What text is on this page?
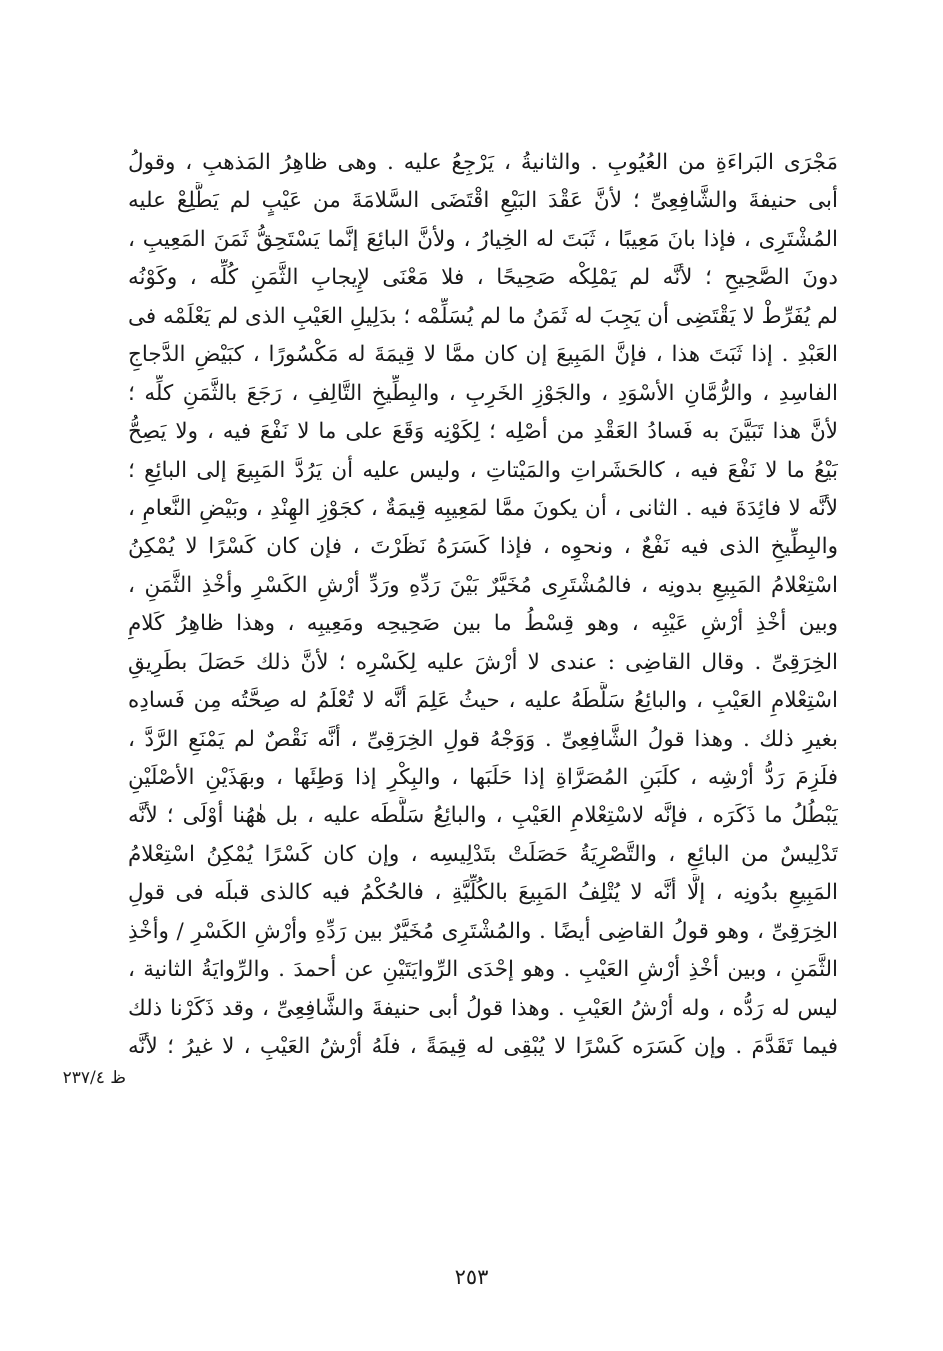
مَجْرَى البَراءَةِ من العُيُوبِ . والثانيةُ ، يَرْجِعُ عليه . وهى ظاهِرُ المَذهبِ ، وقولُ
أبى حنيفةَ والشَّافِعِىِّ ؛ لأنَّ عَقْدَ البَيْعِ اقْتَضَى السَّلامَةَ من عَيْبٍ لم يَطَّلِعْ عليه
المُشْتَرِى ، فإذا بانَ مَعِيبًا ، ثَبَتَ له الخِيارُ ، ولأنَّ البائِعَ إنَّما يَسْتَحِقُّ ثَمَنَ المَعِيبِ ،
دونَ الصَّحِيحِ ؛ لأنَّه لم يَمْلِكْه صَحِيحًا ، فلا مَعْنَى لإِيجابِ الثَّمَنِ كُلِّه ، وكَوْنُه
لم يُفَرِّطْ لا يَقْتَضِى أن يَجِبَ له ثَمَنُ ما لم يُسَلِّمْه ؛ بدَلِيلِ العَيْبِ الذى لم يَعْلَمْه فى
العَبْدِ . إذا ثَبَتَ هذا ، فإنَّ المَبِيعَ إن كان ممَّا لا قِيمَةَ له مَكْسُورًا ، كبَيْضِ الدَّجاجِ
الفاسِدِ ، والرُّمَّانِ الأسْوَدِ ، والجَوْزِ الخَرِبِ ، والبِطِّيخِ التَّالِفِ ، رَجَعَ بالثَّمَنِ كلِّه ؛
لأنَّ هذا تَبَيَّنَ به فَسادُ العَقْدِ من أصْلِه ؛ لِكَوْنِه وَقَعَ على ما لا نَفْعَ فيه ، ولا يَصِحُّ
بَيْعُ ما لا نَفْعَ فيه ، كالحَشَراتِ والمَيْتاتِ ، وليس عليه أن يَرُدَّ المَبِيعَ إلى البائِعِ ؛
لأنَّه لا فائِدَةَ فيه . الثانى ، أن يكونَ ممَّا لمَعِيبِه قِيمَةٌ ، كجَوْزِ الهِنْدِ ، وبَيْضِ النَّعامِ ،
والبِطِّيخِ الذى فيه نَفْعٌ ، ونحوِه ، فإذا كَسَرَهُ نَظَرْتَ ، فإن كان كَسْرًا لا يُمْكِنُ
اسْتِعْلامُ المَبِيعِ بدونِه ، فالمُشْتَرِى مُخَيَّرٌ بَيْنَ رَدِّهِ ورَدِّ أرْشِ الكَسْرِ وأخْذِ الثَّمَنِ ،
وبين أخْذِ أرْشِ عَيْبِه ، وهو قِسْطُ ما بين صَحِيحِه ومَعِيبِه ، وهذا ظاهِرُ كَلامِ
الخِرَقِىِّ . وقال القاضِى : عندى لا أرْشَ عليه لِكَسْرِه ؛ لأنَّ ذلك حَصَلَ بطَرِيقِ
اسْتِعْلامِ العَيْبِ ، والبائِعُ سَلَّطَهُ عليه ، حيثُ عَلِمَ أنَّه لا تُعْلَمُ له صِحَّتُه مِن فَسادِه
بغيرِ ذلك . وهذا قولُ الشَّافِعِىِّ . وَوَجْهُ قولِ الخِرَقِىِّ ، أنَّه نَقْصٌ لم يَمْنَعِ الرَّدَّ ،
فلَزِمَ رَدُّ أرْشِه ، كلَبَنِ المُصَرَّاةِ إذا حَلَبَها ، والبِكْرِ إذا وَطِئَها ، وبهَذَيْنِ الأصْلَيْنِ
يَبْطُلُ ما ذَكَرَه ، فإنَّه لاسْتِعْلامِ العَيْبِ ، والبائِعُ سَلَّطَه عليه ، بل هٰهُنا أوْلَى ؛ لأنَّه
تَدْلِيسٌ من البائِعِ ، والتَّصْرِيَةُ حَصَلَتْ بتَدْلِيسِه ، وإن كان كَسْرًا يُمْكِنُ اسْتِعْلامُ
المَبِيعِ بدُونِه ، إلَّا أنَّه لا يُتْلِفُ المَبِيعَ بالكُلِّيَّةِ ، فالحُكْمُ فيه كالذى قبلَه فى قولِ
الخِرَقِىِّ ، وهو قولُ القاضِى أيضًا . والمُشْتَرِى مُخَيَّرٌ بين رَدِّهِ وأرْشِ الكَسْرِ / وأخْذِ
الثَّمَنِ ، وبين أخْذِ أرْشِ العَيْبِ . وهو إحْدَى الرِّوايَتَيْنِ عن أحمدَ . والرِّوايَةُ الثانية ،
ليس له رَدُّه ، وله أرْشُ العَيْبِ . وهذا قولُ أبى حنيفةَ والشَّافِعِىِّ ، وقد ذَكَرْنا ذلك
فيما تَقَدَّمَ . وإن كَسَرَه كَسْرًا لا يُبْقِى له قِيمَةً ، فلَهُ أرْشُ العَيْبِ ، لا غيرُ ؛ لأنَّه
ظ ٢٣٧/٤
٢٥٣
